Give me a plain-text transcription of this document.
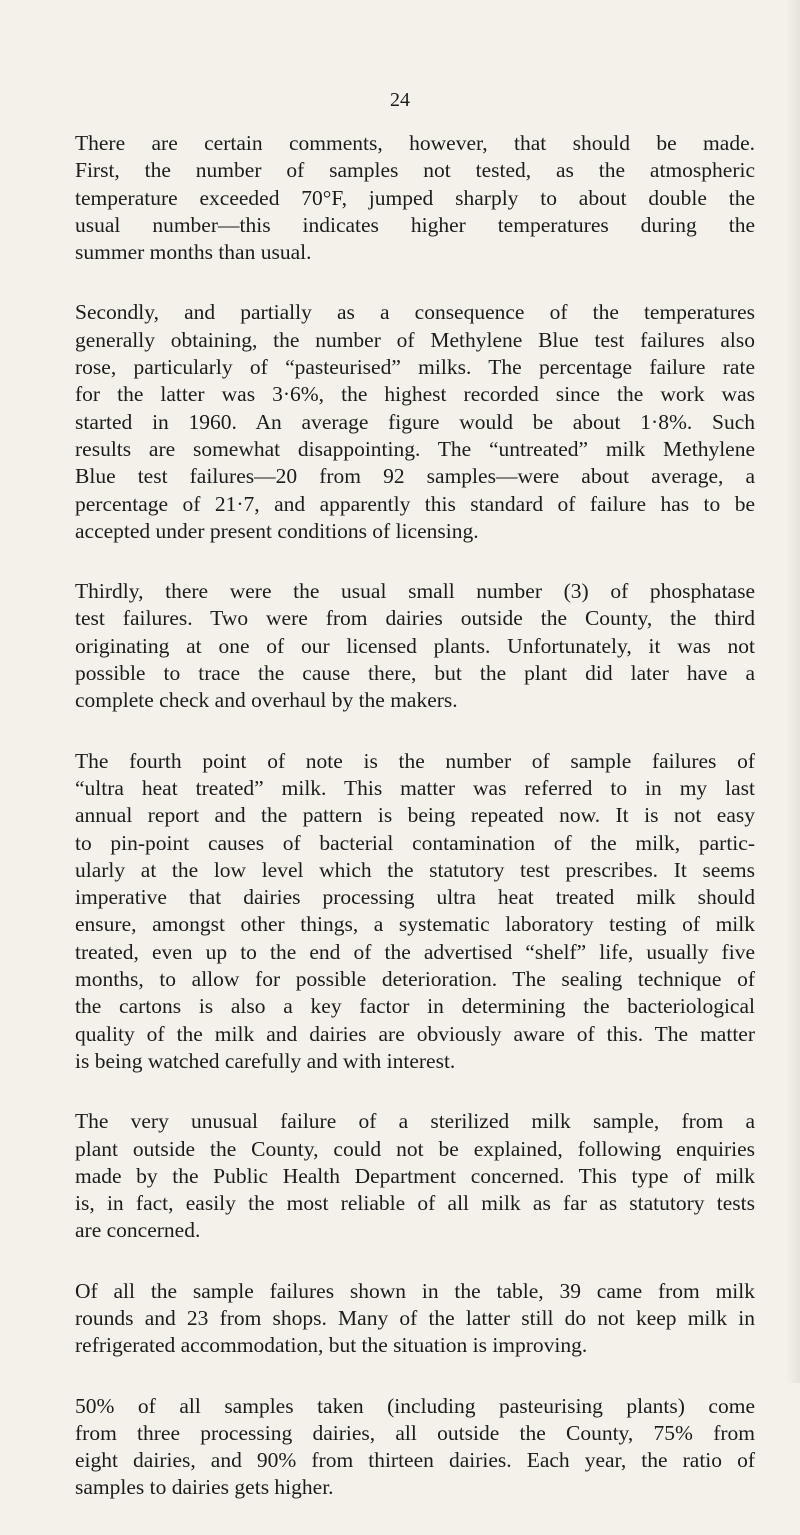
24

There are certain comments, however, that should be made.
First, the number of samples not tested, as the atmospheric
temperature exceeded 70°F, jumped sharply to about double the
usual number—this indicates higher temperatures during the
summer months than usual.

Secondly, and partially as a consequence of the temperatures
generally obtaining, the number of Methylene Blue test failures also
rose, particularly of “pasteurised” milks. The percentage failure rate
for the latter was 3·6%, the highest recorded since the work was
started in 1960. An average figure would be about 1·8%. Such
results are somewhat disappointing. The “untreated” milk Methylene
Blue test failures—20 from 92 samples—were about average, a
percentage of 21·7, and apparently this standard of failure has to be
accepted under present conditions of licensing.

Thirdly, there were the usual small number (3) of phosphatase
test failures. Two were from dairies outside the County, the third
originating at one of our licensed plants. Unfortunately, it was not
possible to trace the cause there, but the plant did later have a
complete check and overhaul by the makers.

The fourth point of note is the number of sample failures of
“ultra heat treated” milk. This matter was referred to in my last
annual report and the pattern is being repeated now. It is not easy
to pin-point causes of bacterial contamination of the milk, partic-
ularly at the low level which the statutory test prescribes. It seems
imperative that dairies processing ultra heat treated milk should
ensure, amongst other things, a systematic laboratory testing of milk
treated, even up to the end of the advertised “shelf” life, usually five
months, to allow for possible deterioration. The sealing technique of
the cartons is also a key factor in determining the bacteriological
quality of the milk and dairies are obviously aware of this. The matter
is being watched carefully and with interest.

The very unusual failure of a sterilized milk sample, from a
plant outside the County, could not be explained, following enquiries
made by the Public Health Department concerned. This type of milk
is, in fact, easily the most reliable of all milk as far as statutory tests
are concerned.

Of all the sample failures shown in the table, 39 came from milk
rounds and 23 from shops. Many of the latter still do not keep milk in
refrigerated accommodation, but the situation is improving.

50% of all samples taken (including pasteurising plants) come
from three processing dairies, all outside the County, 75% from
eight dairies, and 90% from thirteen dairies. Each year, the ratio of
samples to dairies gets higher.
